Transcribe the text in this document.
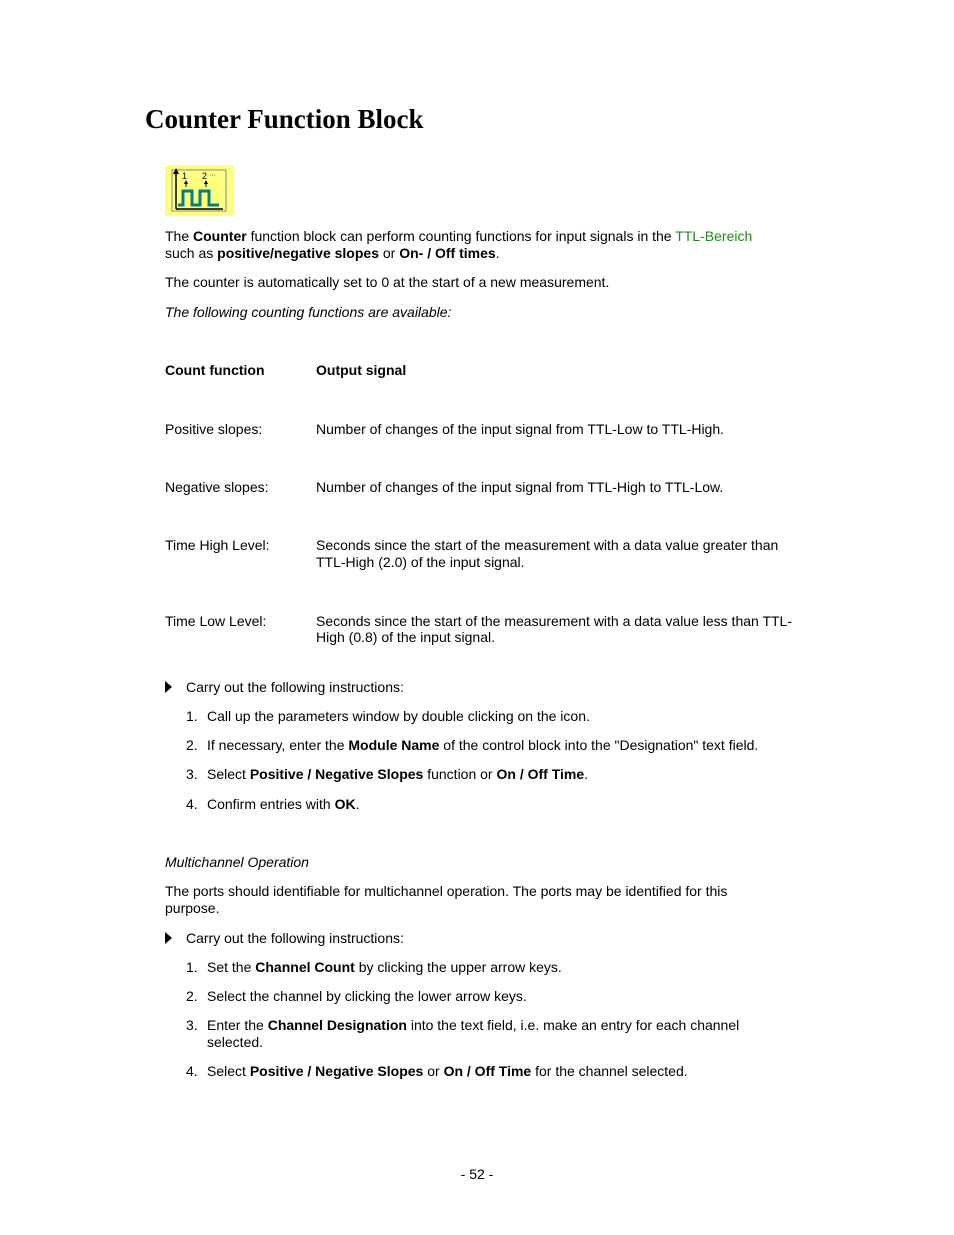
Counter Function Block
1 2 ···

The Counter function block can perform counting functions for input signals in the TTL-Bereich
such as positive/negative slopes or On- / Off times.

The counter is automatically set to 0 at the start of a new measurement.

The following counting functions are available:

Count function	Output signal
Positive slopes:	Number of changes of the input signal from TTL-Low to TTL-High.
Negative slopes:	Number of changes of the input signal from TTL-High to TTL-Low.
Time High Level:	Seconds since the start of the measurement with a data value greater than
TTL-High (2.0) of the input signal.
Time Low Level:	Seconds since the start of the measurement with a data value less than TTL-
High (0.8) of the input signal.
Carry out the following instructions:
1. Call up the parameters window by double clicking on the icon.
2. If necessary, enter the Module Name of the control block into the "Designation" text field.
3. Select Positive / Negative Slopes function or On / Off Time.
4. Confirm entries with OK.
Multichannel Operation
The ports should identifiable for multichannel operation. The ports may be identified for this
purpose.
Carry out the following instructions:
1. Set the Channel Count by clicking the upper arrow keys.
2. Select the channel by clicking the lower arrow keys.
3. Enter the Channel Designation into the text field, i.e. make an entry for each channel
selected.
4. Select Positive / Negative Slopes or On / Off Time for the channel selected.
- 52 -
